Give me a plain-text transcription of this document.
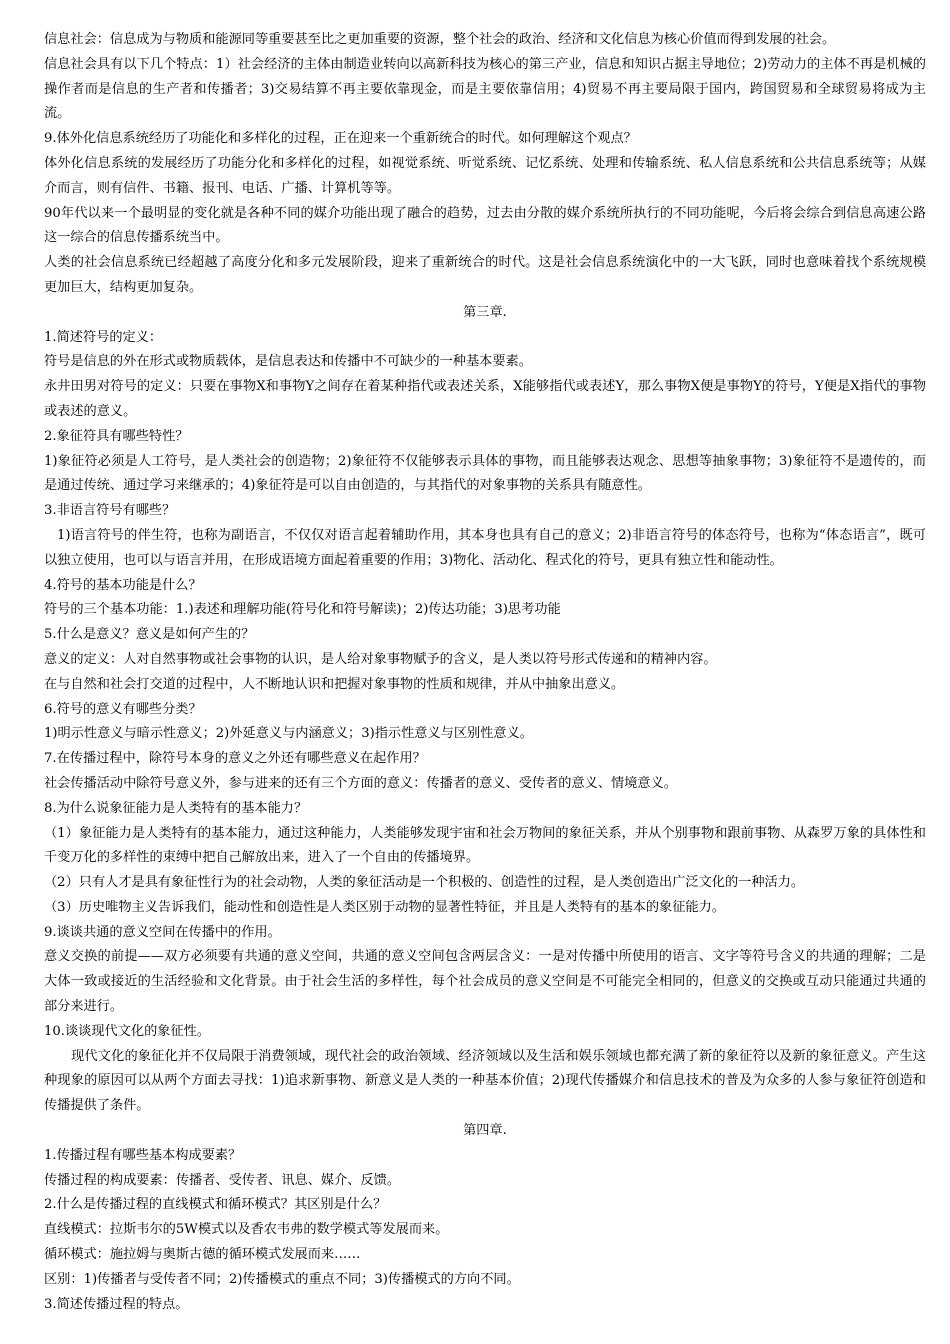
信息社会：信息成为与物质和能源同等重要甚至比之更加重要的资源，整个社会的政治、经济和文化信息为核心价值而得到发展的社会。

信息社会具有以下几个特点：1）社会经济的主体由制造业转向以高新科技为核心的第三产业，信息和知识占据主导地位；2)劳动力的主体不再是机械的操作者而是信息的生产者和传播者；3)交易结算不再主要依靠现金，而是主要依靠信用；4)贸易不再主要局限于国内，跨国贸易和全球贸易将成为主流。

9.体外化信息系统经历了功能化和多样化的过程，正在迎来一个重新统合的时代。如何理解这个观点？

体外化信息系统的发展经历了功能分化和多样化的过程，如视觉系统、听觉系统、记忆系统、处理和传输系统、私人信息系统和公共信息系统等；从媒介而言，则有信件、书籍、报刊、电话、广播、计算机等等。

90年代以来一个最明显的变化就是各种不同的媒介功能出现了融合的趋势，过去由分散的媒介系统所执行的不同功能呢，今后将会综合到信息高速公路这一综合的信息传播系统当中。

人类的社会信息系统已经超越了高度分化和多元发展阶段，迎来了重新统合的时代。这是社会信息系统演化中的一大飞跃，同时也意味着找个系统规模更加巨大，结构更加复杂。

第三章.

1.简述符号的定义：

符号是信息的外在形式或物质载体，是信息表达和传播中不可缺少的一种基本要素。

永井田男对符号的定义：只要在事物X和事物Y之间存在着某种指代或表述关系，X能够指代或表述Y，那么事物X便是事物Y的符号，Y便是X指代的事物或表述的意义。

2.象征符具有哪些特性？

1)象征符必须是人工符号，是人类社会的创造物；2)象征符不仅能够表示具体的事物，而且能够表达观念、思想等抽象事物；3)象征符不是遗传的，而是通过传统、通过学习来继承的；4)象征符是可以自由创造的，与其指代的对象事物的关系具有随意性。

3.非语言符号有哪些？

1)语言符号的伴生符，也称为副语言，不仅仅对语言起着辅助作用，其本身也具有自己的意义；2)非语言符号的体态符号，也称为“体态语言”，既可以独立使用，也可以与语言并用，在形成语境方面起着重要的作用；3)物化、活动化、程式化的符号，更具有独立性和能动性。

4.符号的基本功能是什么？

符号的三个基本功能：1.)表述和理解功能(符号化和符号解读)；2)传达功能；3)思考功能

5.什么是意义？意义是如何产生的？

意义的定义：人对自然事物或社会事物的认识，是人给对象事物赋予的含义，是人类以符号形式传递和的精神内容。

在与自然和社会打交道的过程中，人不断地认识和把握对象事物的性质和规律，并从中抽象出意义。

6.符号的意义有哪些分类？

1)明示性意义与暗示性意义；2)外延意义与内涵意义；3)指示性意义与区别性意义。

7.在传播过程中，除符号本身的意义之外还有哪些意义在起作用？

社会传播活动中除符号意义外，参与进来的还有三个方面的意义：传播者的意义、受传者的意义、情境意义。

8.为什么说象征能力是人类特有的基本能力？

（1）象征能力是人类特有的基本能力，通过这种能力，人类能够发现宇宙和社会万物间的象征关系，并从个别事物和跟前事物、从森罗万象的具体性和千变万化的多样性的束缚中把自己解放出来，进入了一个自由的传播境界。

（2）只有人才是具有象征性行为的社会动物，人类的象征活动是一个积极的、创造性的过程，是人类创造出广泛文化的一种活力。

（3）历史唯物主义告诉我们，能动性和创造性是人类区别于动物的显著性特征，并且是人类特有的基本的象征能力。

9.谈谈共通的意义空间在传播中的作用。

意义交换的前提——双方必须要有共通的意义空间，共通的意义空间包含两层含义：一是对传播中所使用的语言、文字等符号含义的共通的理解；二是大体一致或接近的生活经验和文化背景。由于社会生活的多样性，每个社会成员的意义空间是不可能完全相同的，但意义的交换或互动只能通过共通的部分来进行。

10.谈谈现代文化的象征性。

现代文化的象征化并不仅局限于消费领域，现代社会的政治领域、经济领域以及生活和娱乐领域也都充满了新的象征符以及新的象征意义。产生这种现象的原因可以从两个方面去寻找：1)追求新事物、新意义是人类的一种基本价值；2)现代传播媒介和信息技术的普及为众多的人参与象征符创造和传播提供了条件。

第四章.

1.传播过程有哪些基本构成要素？

传播过程的构成要素：传播者、受传者、讯息、媒介、反馈。

2.什么是传播过程的直线模式和循环模式？其区别是什么？

直线模式：拉斯韦尔的5W模式以及香农韦弗的数学模式等发展而来。

循环模式：施拉姆与奥斯古德的循环模式发展而来……

区别：1)传播者与受传者不同；2)传播模式的重点不同；3)传播模式的方向不同。

3.简述传播过程的特点。
